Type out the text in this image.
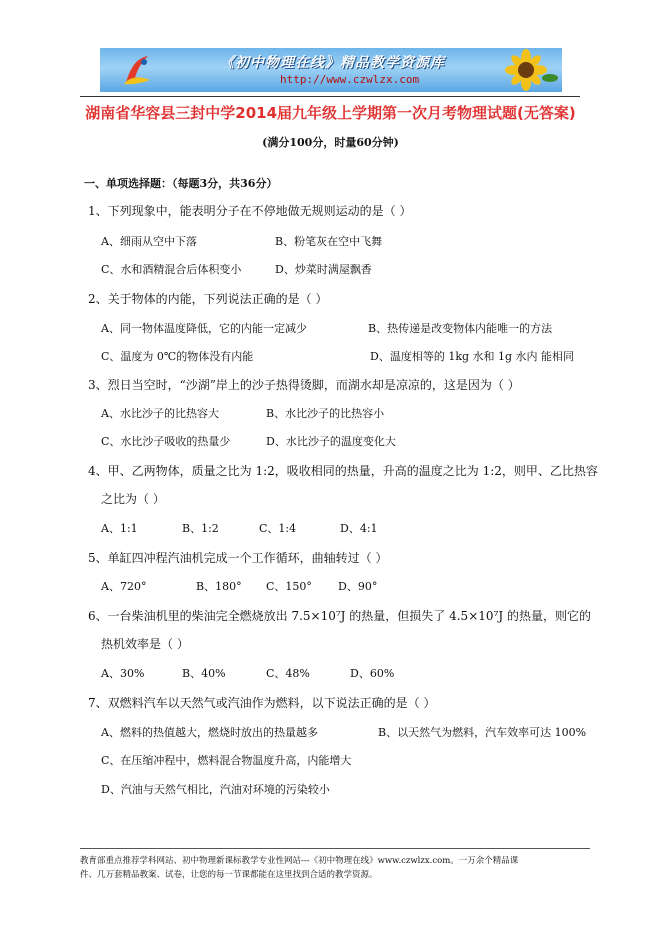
《初中物理在线》精品教学资源库
http://www.czwlzx.com
湖南省华容县三封中学2014届九年级上学期第一次月考物理试题(无答案)
(满分100分，时量60分钟)
一、单项选择题：（每题3分，共36分）
1、下列现象中，能表明分子在不停地做无规则运动的是（ ）
A、细雨从空中下落	B、粉笔灰在空中飞舞
C、水和酒精混合后体积变小	D、炒菜时满屋飘香
2、关于物体的内能，下列说法正确的是（ ）
A、同一物体温度降低，它的内能一定减少	B、热传递是改变物体内能唯一的方法
C、温度为 0℃的物体没有内能	D、温度相等的 1kg 水和 1g 水内 能相同
3、烈日当空时，“沙湖”岸上的沙子热得烫脚，而湖水却是凉凉的，这是因为（ ）
A、水比沙子的比热容大	B、水比沙子的比热容小
C、水比沙子吸收的热量少	D、水比沙子的温度变化大
4、甲、乙两物体，质量之比为 1:2，吸收相同的热量，升高的温度之比为 1:2，则甲、乙比热容
之比为（ ）
A、1:1	B、1:2	C、1:4	D、4:1
5、单缸四冲程汽油机完成一个工作循环，曲轴转过（ ）
A、720°	B、180° C、150° D、90°
6、一台柴油机里的柴油完全燃烧放出 7.5×10⁷J 的热量，但损失了 4.5×10⁷J 的热量，则它的
热机效率是（ ）
A、30%	B、40%	C、48%	D、60%
7、双燃料汽车以天然气或汽油作为燃料，以下说法正确的是（ ）
A、燃料的热值越大，燃烧时放出的热量越多	B、以天然气为燃料，汽车效率可达 100%
C、在压缩冲程中，燃料混合物温度升高，内能增大
D、汽油与天然气相比，汽油对环境的污染较小
教育部重点推荐学科网站、初中物理新课标教学专业性网站---《初中物理在线》www.czwlzx.com。一万余个精品课
件、几万套精品教案、试卷，让您的每一节课都能在这里找到合适的教学资源。
